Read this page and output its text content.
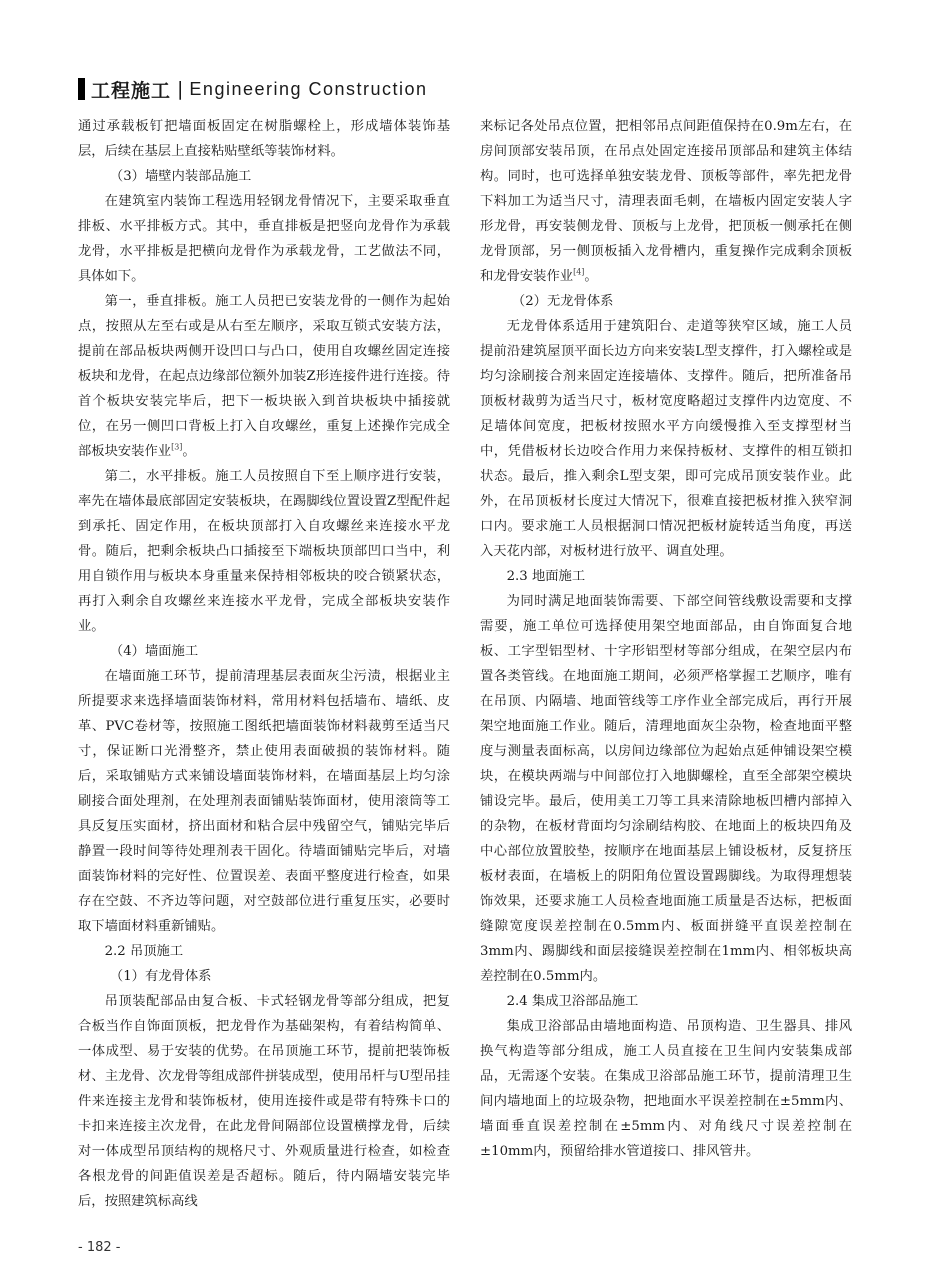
工程施工 | Engineering Construction

通过承载板钉把墙面板固定在树脂螺栓上，形成墙体装饰基层，后续在基层上直接粘贴壁纸等装饰材料。

（3）墙壁内装部品施工

在建筑室内装饰工程选用轻钢龙骨情况下，主要采取垂直排板、水平排板方式。其中，垂直排板是把竖向龙骨作为承载龙骨，水平排板是把横向龙骨作为承载龙骨，工艺做法不同，具体如下。

第一，垂直排板。施工人员把已安装龙骨的一侧作为起始点，按照从左至右或是从右至左顺序，采取互锁式安装方法，提前在部品板块两侧开设凹口与凸口，使用自攻螺丝固定连接板块和龙骨，在起点边缘部位额外加装Z形连接件进行连接。待首个板块安装完毕后，把下一板块嵌入到首块板块中插接就位，在另一侧凹口背板上打入自攻螺丝，重复上述操作完成全部板块安装作业[3]。

第二，水平排板。施工人员按照自下至上顺序进行安装，率先在墙体最底部固定安装板块，在踢脚线位置设置Z型配件起到承托、固定作用，在板块顶部打入自攻螺丝来连接水平龙骨。随后，把剩余板块凸口插接至下端板块顶部凹口当中，利用自锁作用与板块本身重量来保持相邻板块的咬合锁紧状态，再打入剩余自攻螺丝来连接水平龙骨，完成全部板块安装作业。

（4）墙面施工

在墙面施工环节，提前清理基层表面灰尘污渍，根据业主所提要求来选择墙面装饰材料，常用材料包括墙布、墙纸、皮革、PVC卷材等，按照施工图纸把墙面装饰材料裁剪至适当尺寸，保证断口光滑整齐，禁止使用表面破损的装饰材料。随后，采取铺贴方式来铺设墙面装饰材料，在墙面基层上均匀涂刷接合面处理剂，在处理剂表面铺贴装饰面材，使用滚筒等工具反复压实面材，挤出面材和粘合层中残留空气，铺贴完毕后静置一段时间等待处理剂表干固化。待墙面铺贴完毕后，对墙面装饰材料的完好性、位置误差、表面平整度进行检查，如果存在空鼓、不齐边等问题，对空鼓部位进行重复压实，必要时取下墙面材料重新铺贴。

2.2 吊顶施工

（1）有龙骨体系

吊顶装配部品由复合板、卡式轻钢龙骨等部分组成，把复合板当作自饰面顶板，把龙骨作为基础架构，有着结构简单、一体成型、易于安装的优势。在吊顶施工环节，提前把装饰板材、主龙骨、次龙骨等组成部件拼装成型，使用吊杆与U型吊挂件来连接主龙骨和装饰板材，使用连接件或是带有特殊卡口的卡扣来连接主次龙骨，在此龙骨间隔部位设置横撑龙骨，后续对一体成型吊顶结构的规格尺寸、外观质量进行检查，如检查各根龙骨的间距值误差是否超标。随后，待内隔墙安装完毕后，按照建筑标高线

来标记各处吊点位置，把相邻吊点间距值保持在0.9m左右，在房间顶部安装吊顶，在吊点处固定连接吊顶部品和建筑主体结构。同时，也可选择单独安装龙骨、顶板等部件，率先把龙骨下料加工为适当尺寸，清理表面毛刺，在墙板内固定安装人字形龙骨，再安装侧龙骨、顶板与上龙骨，把顶板一侧承托在侧龙骨顶部，另一侧顶板插入龙骨槽内，重复操作完成剩余顶板和龙骨安装作业[4]。

（2）无龙骨体系

无龙骨体系适用于建筑阳台、走道等狭窄区域，施工人员提前沿建筑屋顶平面长边方向来安装L型支撑件，打入螺栓或是均匀涂刷接合剂来固定连接墙体、支撑件。随后，把所准备吊顶板材裁剪为适当尺寸，板材宽度略超过支撑件内边宽度、不足墙体间宽度，把板材按照水平方向缓慢推入至支撑型材当中，凭借板材长边咬合作用力来保持板材、支撑件的相互锁扣状态。最后，推入剩余L型支架，即可完成吊顶安装作业。此外，在吊顶板材长度过大情况下，很难直接把板材推入狭窄洞口内。要求施工人员根据洞口情况把板材旋转适当角度，再送入天花内部，对板材进行放平、调直处理。

2.3 地面施工

为同时满足地面装饰需要、下部空间管线敷设需要和支撑需要，施工单位可选择使用架空地面部品，由自饰面复合地板、工字型铝型材、十字形铝型材等部分组成，在架空层内布置各类管线。在地面施工期间，必须严格掌握工艺顺序，唯有在吊顶、内隔墙、地面管线等工序作业全部完成后，再行开展架空地面施工作业。随后，清理地面灰尘杂物，检查地面平整度与测量表面标高，以房间边缘部位为起始点延伸铺设架空模块，在模块两端与中间部位打入地脚螺栓，直至全部架空模块铺设完毕。最后，使用美工刀等工具来清除地板凹槽内部掉入的杂物，在板材背面均匀涂刷结构胶、在地面上的板块四角及中心部位放置胶垫，按顺序在地面基层上铺设板材，反复挤压板材表面，在墙板上的阴阳角位置设置踢脚线。为取得理想装饰效果，还要求施工人员检查地面施工质量是否达标，把板面缝隙宽度误差控制在0.5mm内、板面拼缝平直误差控制在3mm内、踢脚线和面层接缝误差控制在1mm内、相邻板块高差控制在0.5mm内。

2.4 集成卫浴部品施工

集成卫浴部品由墙地面构造、吊顶构造、卫生器具、排风换气构造等部分组成，施工人员直接在卫生间内安装集成部品，无需逐个安装。在集成卫浴部品施工环节，提前清理卫生间内墙地面上的垃圾杂物，把地面水平误差控制在±5mm内、墙面垂直误差控制在±5mm内、对角线尺寸误差控制在±10mm内，预留给排水管道接口、排风管井。

- 182 -
